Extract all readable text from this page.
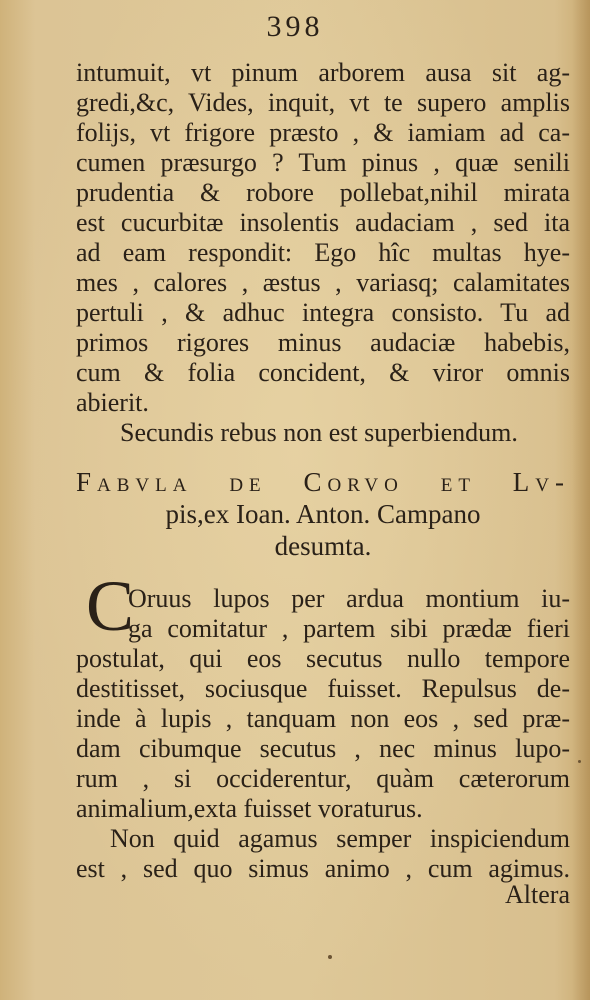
398
intumuit, vt pinum arborem ausa sit ag-
gredi,&c, Vides, inquit, vt te supero amplis
folijs, vt frigore præsto , & iamiam ad ca-
cumen præsurgo ? Tum pinus , quæ senili
prudentia & robore pollebat,nihil mirata
est cucurbitæ insolentis audaciam , sed ita
ad eam respondit: Ego hîc multas hye-
mes , calores , æstus , variasq; calamitates
pertuli , & adhuc integra consisto. Tu ad
primos rigores minus audaciæ habebis,
cum & folia concident, & viror omnis
abierit.
Secundis rebus non est superbiendum.
Fabvla de Corvo et Lv-
pis,ex Ioan. Anton. Campano
desumta.
C
Oruus lupos per ardua montium iu-
ga comitatur , partem sibi prædæ fieri
postulat, qui eos secutus nullo tempore
destitisset, sociusque fuisset. Repulsus de-
inde à lupis , tanquam non eos , sed præ-
dam cibumque secutus , nec minus lupo-
rum , si occiderentur, quàm cæterorum
animalium,exta fuisset voraturus.
Non quid agamus semper inspiciendum
est , sed quo simus animo , cum agimus.
Altera
